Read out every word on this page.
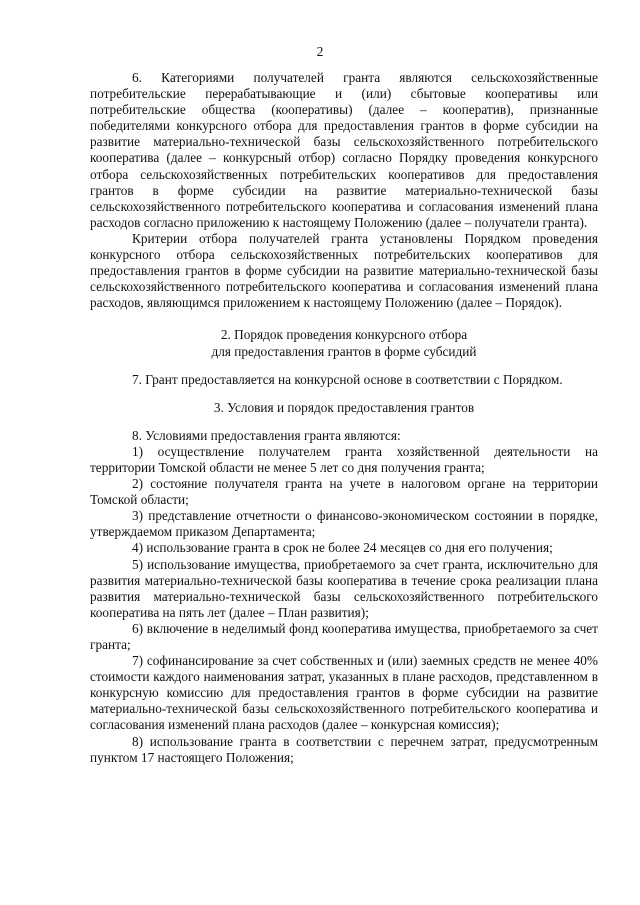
2

6. Категориями получателей гранта являются сельскохозяйственные потребительские перерабатывающие и (или) сбытовые кооперативы или потребительские общества (кооперативы) (далее – кооператив), признанные победителями конкурсного отбора для предоставления грантов в форме субсидии на развитие материально-технической базы сельскохозяйственного потребительского кооператива (далее – конкурсный отбор) согласно Порядку проведения конкурсного отбора сельскохозяйственных потребительских кооперативов для предоставления грантов в форме субсидии на развитие материально-технической базы сельскохозяйственного потребительского кооператива и согласования изменений плана расходов согласно приложению к настоящему Положению (далее – получатели гранта).

Критерии отбора получателей гранта установлены Порядком проведения конкурсного отбора сельскохозяйственных потребительских кооперативов для предоставления грантов в форме субсидии на развитие материально-технической базы сельскохозяйственного потребительского кооператива и согласования изменений плана расходов, являющимся приложением к настоящему Положению (далее – Порядок).

2. Порядок проведения конкурсного отбора

для предоставления грантов в форме субсидий

7. Грант предоставляется на конкурсной основе в соответствии с Порядком.

3. Условия и порядок предоставления грантов

8. Условиями предоставления гранта являются:

1) осуществление получателем гранта хозяйственной деятельности на территории Томской области не менее 5 лет со дня получения гранта;

2) состояние получателя гранта на учете в налоговом органе на территории Томской области;

3) представление отчетности о финансово-экономическом состоянии в порядке, утверждаемом приказом Департамента;

4) использование гранта в срок не более 24 месяцев со дня его получения;

5) использование имущества, приобретаемого за счет гранта, исключительно для развития материально-технической базы кооператива в течение срока реализации плана развития материально-технической базы сельскохозяйственного потребительского кооператива на пять лет (далее – План развития);

6) включение в неделимый фонд кооператива имущества, приобретаемого за счет гранта;

7) софинансирование за счет собственных и (или) заемных средств не менее 40% стоимости каждого наименования затрат, указанных в плане расходов, представленном в конкурсную комиссию для предоставления грантов в форме субсидии на развитие материально-технической базы сельскохозяйственного потребительского кооператива и согласования изменений плана расходов (далее – конкурсная комиссия);

8) использование гранта в соответствии с перечнем затрат, предусмотренным пунктом 17 настоящего Положения;
